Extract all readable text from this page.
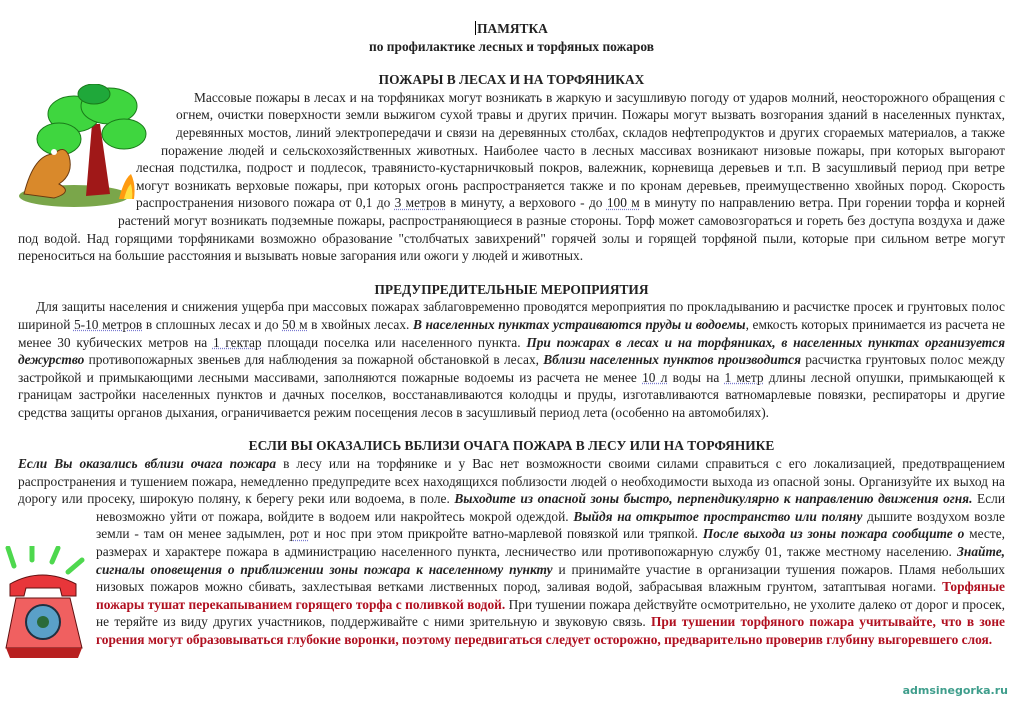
ПАМЯТКА
по профилактике лесных и торфяных пожаров
ПОЖАРЫ В ЛЕСАХ И НА ТОРФЯНИКАХ

Массовые пожары в лесах и на торфяниках могут возникать в жаркую и засушливую погоду от ударов молний, неосторожного обращения с огнем, очистки поверхности земли выжигом сухой травы и других причин. Пожары могут вызвать возгорания зданий в населенных пунктах, деревянных мостов, линий электропередачи и связи на деревянных столбах, складов нефтепродуктов и других сгораемых материалов, а также поражение людей и сельскохозяйственных животных. Наиболее часто в лесных массивах возникают низовые пожары, при которых выгорают лесная подстилка, подрост и подлесок, травянисто-кустарничковый покров, валежник, корневища деревьев и т.п. В засушливый период при ветре могут возникать верховые пожары, при которых огонь распространяется также и по кронам деревьев, преимущественно хвойных пород. Скорость распространения низового пожара от 0,1 до 3 метров в минуту, а верхового - до 100 м в минуту по направлению ветра. При горении торфа и корней растений могут возникать подземные пожары, распространяющиеся в разные стороны. Торф может самовозгораться и гореть без доступа воздуха и даже под водой. Над горящими торфяниками возможно образование "столбчатых завихрений" горячей золы и горящей торфяной пыли, которые при сильном ветре могут переноситься на большие расстояния и вызывать новые загорания или ожоги у людей и животных.

ПРЕДУПРЕДИТЕЛЬНЫЕ МЕРОПРИЯТИЯ

Для защиты населения и снижения ущерба при массовых пожарах заблаговременно проводятся мероприятия по прокладыванию и расчистке просек и грунтовых полос шириной 5-10 метров в сплошных лесах и до 50 м в хвойных лесах. В населенных пунктах устраиваются пруды и водоемы, емкость которых принимается из расчета не менее 30 кубических метров на 1 гектар площади поселка или населенного пункта. При пожарах в лесах и на торфяниках, в населенных пунктах организуется дежурство противопожарных звеньев для наблюдения за пожарной обстановкой в лесах, Вблизи населенных пунктов производится расчистка грунтовых полос между застройкой и примыкающими лесными массивами, заполняются пожарные водоемы из расчета не менее 10 л воды на 1 метр длины лесной опушки, примыкающей к границам застройки населенных пунктов и дачных поселков, восстанавливаются колодцы и пруды, изготавливаются ватномарлевые повязки, респираторы и другие средства защиты органов дыхания, ограничивается режим посещения лесов в засушливый период лета (особенно на автомобилях).

ЕСЛИ ВЫ ОКАЗАЛИСЬ ВБЛИЗИ ОЧАГА ПОЖАРА В ЛЕСУ ИЛИ НА ТОРФЯНИКЕ

Если Вы оказались вблизи очага пожара в лесу или на торфянике и у Вас нет возможности своими силами справиться с его локализацией, предотвращением распространения и тушением пожара, немедленно предупредите всех находящихся поблизости людей о необходимости выхода из опасной зоны. Организуйте их выход на дорогу или просеку, широкую поляну, к берегу реки или водоема, в поле. Выходите из опасной зоны быстро, перпендикулярно к направлению движения огня. Если невозможно уйти от пожара, войдите в водоем или накройтесь мокрой одеждой. Выйдя на открытое пространство или поляну дышите воздухом возле земли - там он менее задымлен, рот и нос при этом прикройте ватно-марлевой повязкой или тряпкой. После выхода из зоны пожара сообщите о месте, размерах и характере пожара в администрацию населенного пункта, лесничество или противопожарную службу 01, также местному населению. Знайте, сигналы оповещения о приближении зоны пожара к населенному пункту и принимайте участие в организации тушения пожаров. Пламя небольших низовых пожаров можно сбивать, захлестывая ветками лиственных пород, заливая водой, забрасывая влажным грунтом, затаптывая ногами. Торфяные пожары тушат перекапыванием горящего торфа с поливкой водой. При тушении пожара действуйте осмотрительно, не ухолите далеко от дорог и просек, не теряйте из виду других участников, поддерживайте с ними зрительную и звуковую связь. При тушении торфяного пожара учитывайте, что в зоне горения могут образовываться глубокие воронки, поэтому передвигаться следует осторожно, предварительно проверив глубину выгоревшего слоя.

admsinegorka.ru
